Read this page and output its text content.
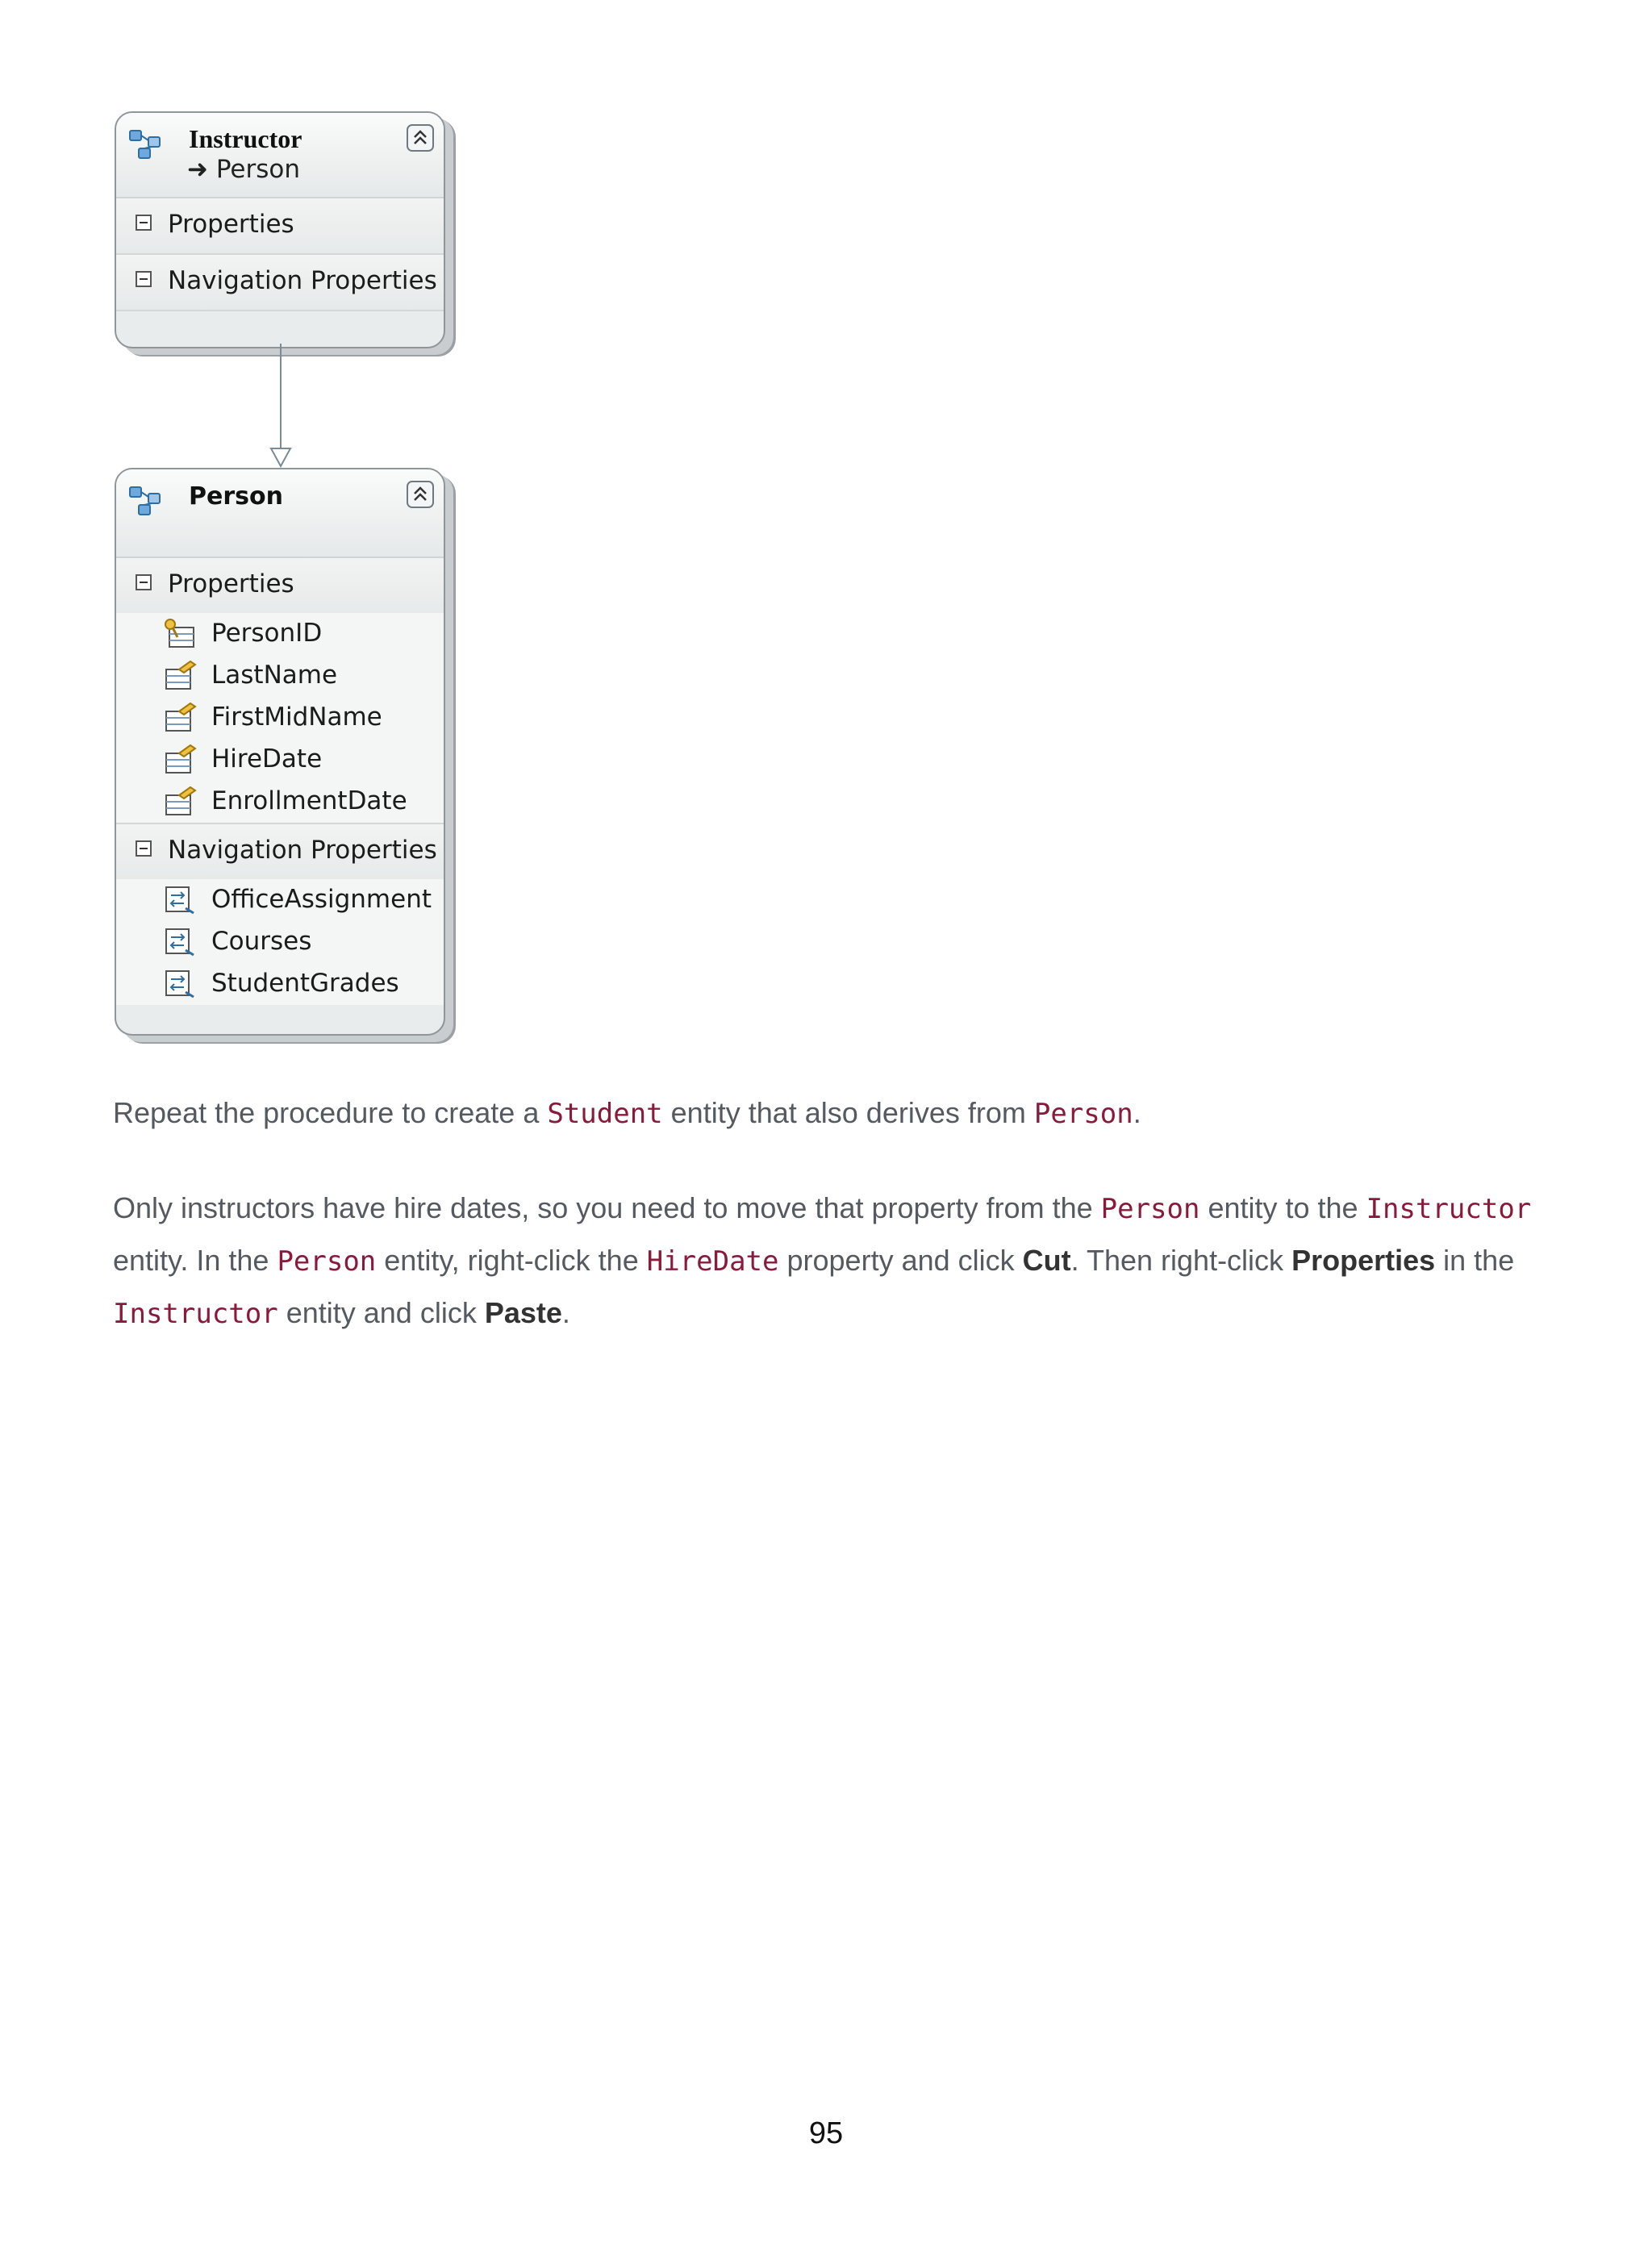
Instructor
➜ Person
Properties
Navigation Properties
Person
Properties
PersonID
LastName
FirstMidName
HireDate
EnrollmentDate
Navigation Properties
OfficeAssignment
Courses
StudentGrades

Repeat the procedure to create a Student entity that also derives from Person.

Only instructors have hire dates, so you need to move that property from the Person entity to the Instructor entity. In the Person entity, right-click the HireDate property and click Cut. Then right-click Properties in the Instructor entity and click Paste.

95
